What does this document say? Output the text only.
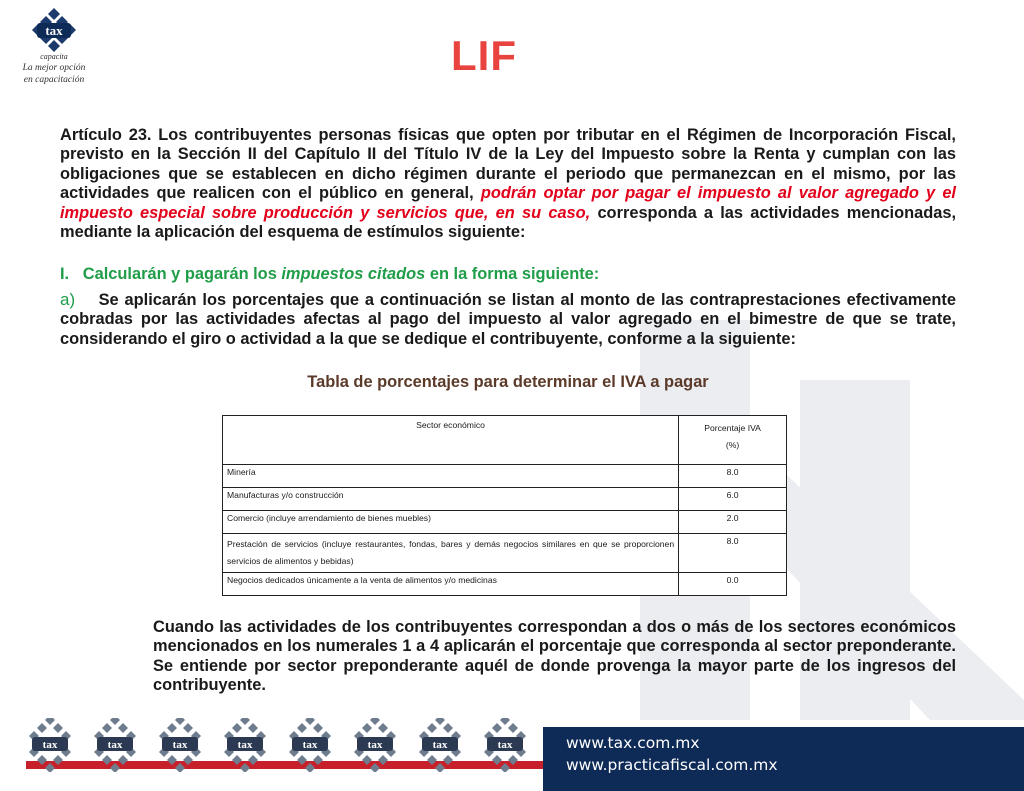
tax
capacita
La mejor opción
en capacitación
LIF

Artículo 23. Los contribuyentes personas físicas que opten por tributar en el Régimen de Incorporación Fiscal, previsto en la Sección II del Capítulo II del Título IV de la Ley del Impuesto sobre la Renta y cumplan con las obligaciones que se establecen en dicho régimen durante el periodo que permanezcan en el mismo, por las actividades que realicen con el público en general, podrán optar por pagar el impuesto al valor agregado y el impuesto especial sobre producción y servicios que, en su caso, corresponda a las actividades mencionadas, mediante la aplicación del esquema de estímulos siguiente:

I. Calcularán y pagarán los impuestos citados en la forma siguiente:

a) Se aplicarán los porcentajes que a continuación se listan al monto de las contraprestaciones efectivamente cobradas por las actividades afectas al pago del impuesto al valor agregado en el bimestre de que se trate, considerando el giro o actividad a la que se dedique el contribuyente, conforme a la siguiente:

Tabla de porcentajes para determinar el IVA a pagar
Sector económico	Porcentaje IVA
(%)
Minería	8.0
Manufacturas y/o construcción	6.0
Comercio (incluye arrendamiento de bienes muebles)	2.0
Prestación de servicios (incluye restaurantes, fondas, bares y demás negocios similares en que se proporcionen servicios de alimentos y bebidas)	8.0
Negocios dedicados únicamente a la venta de alimentos y/o medicinas	0.0

Cuando las actividades de los contribuyentes correspondan a dos o más de los sectores económicos mencionados en los numerales 1 a 4 aplicarán el porcentaje que corresponda al sector preponderante. Se entiende por sector preponderante aquél de donde provenga la mayor parte de los ingresos del contribuyente.

tax	tax	tax	tax	tax	tax	tax	tax	www.tax.com.mx
www.practicafiscal.com.mx
